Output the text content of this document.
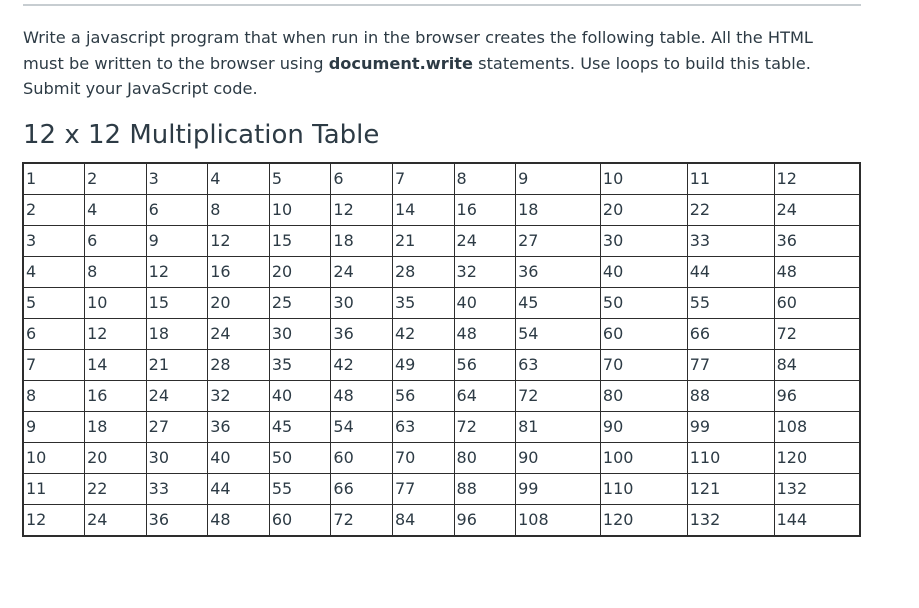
Write a javascript program that when run in the browser creates the following table. All the HTML must be written to the browser using document.write statements. Use loops to build this table. Submit your JavaScript code.

12 x 12 Multiplication Table
1	2	3	4	5	6	7	8	9	10	11	12
2	4	6	8	10	12	14	16	18	20	22	24
3	6	9	12	15	18	21	24	27	30	33	36
4	8	12	16	20	24	28	32	36	40	44	48
5	10	15	20	25	30	35	40	45	50	55	60
6	12	18	24	30	36	42	48	54	60	66	72
7	14	21	28	35	42	49	56	63	70	77	84
8	16	24	32	40	48	56	64	72	80	88	96
9	18	27	36	45	54	63	72	81	90	99	108
10	20	30	40	50	60	70	80	90	100	110	120
11	22	33	44	55	66	77	88	99	110	121	132
12	24	36	48	60	72	84	96	108	120	132	144
